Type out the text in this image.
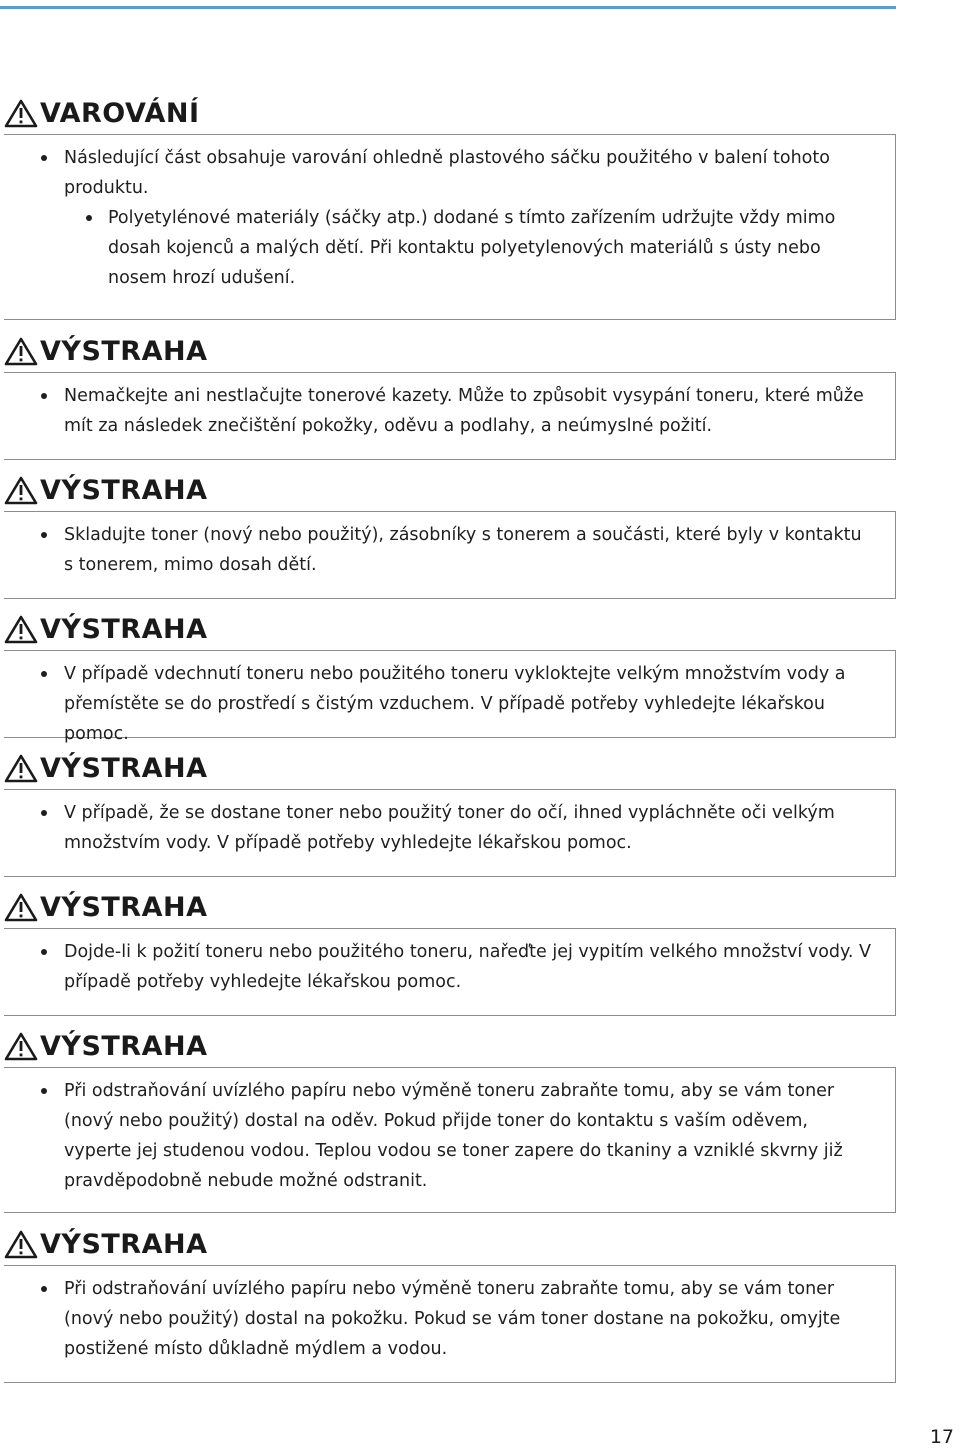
VAROVÁNÍ
Následující část obsahuje varování ohledně plastového sáčku použitého v balení tohoto produktu.
Polyetylénové materiály (sáčky atp.) dodané s tímto zařízením udržujte vždy mimo dosah kojenců a malých dětí. Při kontaktu polyetylenových materiálů s ústy nebo nosem hrozí udušení.
VÝSTRAHA
Nemačkejte ani nestlačujte tonerové kazety. Může to způsobit vysypání toneru, které může mít za následek znečištění pokožky, oděvu a podlahy, a neúmyslné požití.
VÝSTRAHA
Skladujte toner (nový nebo použitý), zásobníky s tonerem a součásti, které byly v kontaktu s tonerem, mimo dosah dětí.
VÝSTRAHA
V případě vdechnutí toneru nebo použitého toneru vykloktejte velkým množstvím vody a přemístěte se do prostředí s čistým vzduchem. V případě potřeby vyhledejte lékařskou pomoc.
VÝSTRAHA
V případě, že se dostane toner nebo použitý toner do očí, ihned vypláchněte oči velkým množstvím vody. V případě potřeby vyhledejte lékařskou pomoc.
VÝSTRAHA
Dojde-li k požití toneru nebo použitého toneru, nařeďte jej vypitím velkého množství vody. V případě potřeby vyhledejte lékařskou pomoc.
VÝSTRAHA
Při odstraňování uvízlého papíru nebo výměně toneru zabraňte tomu, aby se vám toner (nový nebo použitý) dostal na oděv. Pokud přijde toner do kontaktu s vaším oděvem, vyperte jej studenou vodou. Teplou vodou se toner zapere do tkaniny a vzniklé skvrny již pravděpodobně nebude možné odstranit.
VÝSTRAHA
Při odstraňování uvízlého papíru nebo výměně toneru zabraňte tomu, aby se vám toner (nový nebo použitý) dostal na pokožku. Pokud se vám toner dostane na pokožku, omyjte postižené místo důkladně mýdlem a vodou.
17
